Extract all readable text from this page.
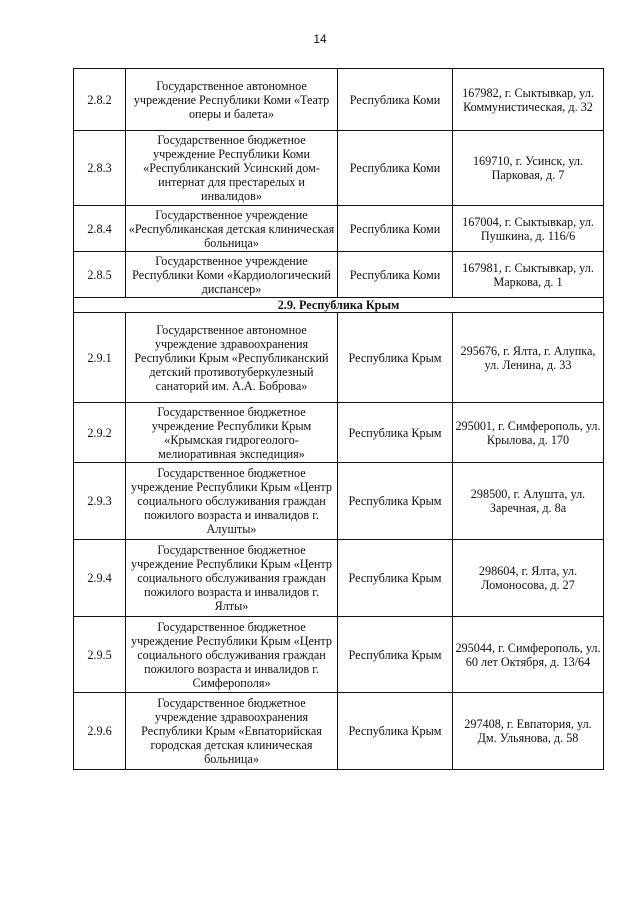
14
2.8.2	Государственное автономное учреждение Республики Коми «Театр оперы и балета»	Республика Коми	167982, г. Сыктывкар, ул. Коммунистическая, д. 32
2.8.3	Государственное бюджетное учреждение Республики Коми «Республиканский Усинский дом-интернат для престарелых и инвалидов»	Республика Коми	169710, г. Усинск, ул. Парковая, д. 7
2.8.4	Государственное учреждение «Республиканская детская клиническая больница»	Республика Коми	167004, г. Сыктывкар, ул. Пушкина, д. 116/6
2.8.5	Государственное учреждение Республики Коми «Кардиологический диспансер»	Республика Коми	167981, г. Сыктывкар, ул. Маркова, д. 1
2.9. Республика Крым			
2.9.1	Государственное автономное учреждение здравоохранения Республики Крым «Республиканский детский противотуберкулезный санаторий им. А.А. Боброва»	Республика Крым	295676, г. Ялта, г. Алупка, ул. Ленина, д. 33
2.9.2	Государственное бюджетное учреждение Республики Крым «Крымская гидрогеолого-мелиоративная экспедиция»	Республика Крым	295001, г. Симферополь, ул. Крылова, д. 170
2.9.3	Государственное бюджетное учреждение Республики Крым «Центр социального обслуживания граждан пожилого возраста и инвалидов г. Алушты»	Республика Крым	298500, г. Алушта, ул. Заречная, д. 8а
2.9.4	Государственное бюджетное учреждение Республики Крым «Центр социального обслуживания граждан пожилого возраста и инвалидов г. Ялты»	Республика Крым	298604, г. Ялта, ул. Ломоносова, д. 27
2.9.5	Государственное бюджетное учреждение Республики Крым «Центр социального обслуживания граждан пожилого возраста и инвалидов г. Симферополя»	Республика Крым	295044, г. Симферополь, ул. 60 лет Октября, д. 13/64
2.9.6	Государственное бюджетное учреждение здравоохранения Республики Крым «Евпаторийская городская детская клиническая больница»	Республика Крым	297408, г. Евпатория, ул. Дм. Ульянова, д. 58
